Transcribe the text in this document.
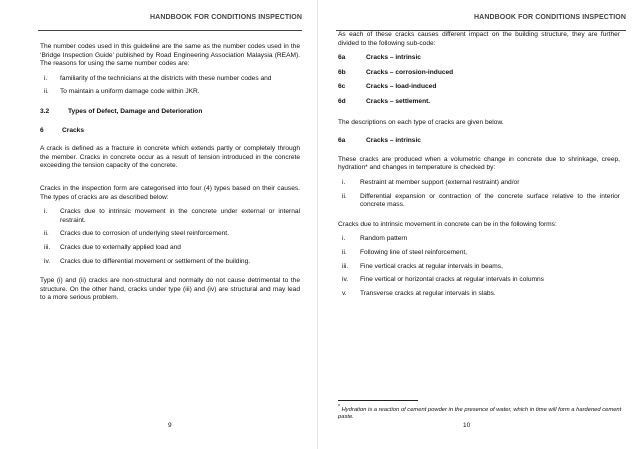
HANDBOOK FOR CONDITIONS INSPECTION

The number codes used in this guideline are the same as the number codes used in the ‘Bridge Inspection Guide’ published by Road Engineering Association Malaysia (REAM). The reasons for using the same number codes are:

i. familiarity of the technicians at the districts with these number codes and
ii. To maintain a uniform damage code within JKR.
3.2	Types of Defect, Damage and Deterioration
6	Cracks

A crack is defined as a fracture in concrete which extends partly or completely through the member. Cracks in concrete occur as a result of tension introduced in the concrete exceeding the tension capacity of the concrete.

Cracks in the inspection form are categorised into four (4) types based on their causes. The types of cracks are as described below:

i. Cracks due to intrinsic movement in the concrete under external or internal restraint.
ii. Cracks due to corrosion of underlying steel reinforcement.
iii. Cracks due to externally applied load and
iv. Cracks due to differential movement or settlement of the building.

Type (i) and (ii) cracks are non-structural and normally do not cause detrimental to the structure. On the other hand, cracks under type (iii) and (iv) are structural and may lead to a more serious problem.

9
HANDBOOK FOR CONDITIONS INSPECTION

As each of these cracks causes different impact on the building structure, they are further divided to the following sub-code:

6a	Cracks – intrinsic
6b	Cracks – corrosion-induced
6c	Cracks – load-induced
6d	Cracks – settlement.

The descriptions on each type of cracks are given below.

6a	Cracks – intrinsic

These cracks are produced when a volumetric change in concrete due to shrinkage, creep, hydration* and changes in temperature is checked by:

i. Restraint at member support (external restraint) and/or
ii. Differential expansion or contraction of the concrete surface relative to the interior concrete mass.

Cracks due to intrinsic movement in concrete can be in the following forms:

i. Random pattern
ii. Following line of steel reinforcement,
iii. Fine vertical cracks at regular intervals in beams,
iv. Fine vertical or horizontal cracks at regular intervals in columns
v. Transverse cracks at regular intervals in slabs.
* Hydration is a reaction of cement powder in the presence of water, which in time will form a hardened cement paste.
10
